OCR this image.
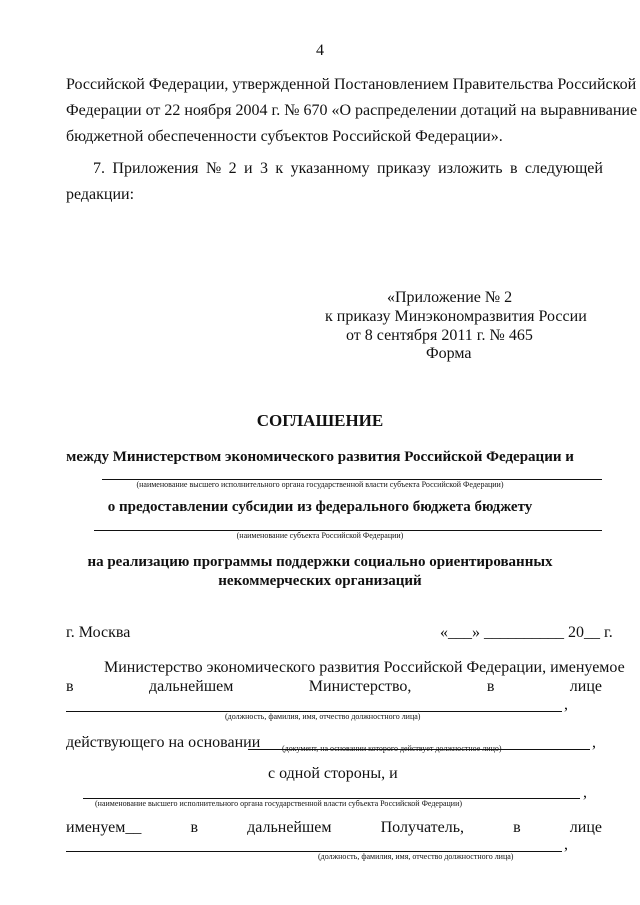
4
Российской Федерации, утвержденной Постановлением Правительства Российской
Федерации от 22 ноября 2004 г. № 670 «О распределении дотаций на выравнивание
бюджетной обеспеченности субъектов Российской Федерации».
7. Приложения № 2 и 3 к указанному приказу изложить в следующей
редакции:
«Приложение № 2
к приказу Минэкономразвития России
от 8 сентября 2011 г. № 465
Форма
СОГЛАШЕНИЕ
между Министерством экономического развития Российской Федерации и
(наименование высшего исполнительного органа государственной власти субъекта Российской Федерации)
о предоставлении субсидии из федерального бюджета бюджету
(наименование субъекта Российской Федерации)
на реализацию программы поддержки социально ориентированных
некоммерческих организаций
г. Москва	«___» __________ 20__ г.
Министерство экономического развития Российской Федерации, именуемое
в	дальнейшем	Министерство,	в	лице
,
(должность, фамилия, имя, отчество должностного лица)
действующего на основании	,
(документ, на основании которого действует должностное лицо)
с одной стороны, и
,
(наименование высшего исполнительного органа государственной власти субъекта Российской Федерации)
именуем__	в	дальнейшем	Получатель,	в	лице
,
(должность, фамилия, имя, отчество должностного лица)
